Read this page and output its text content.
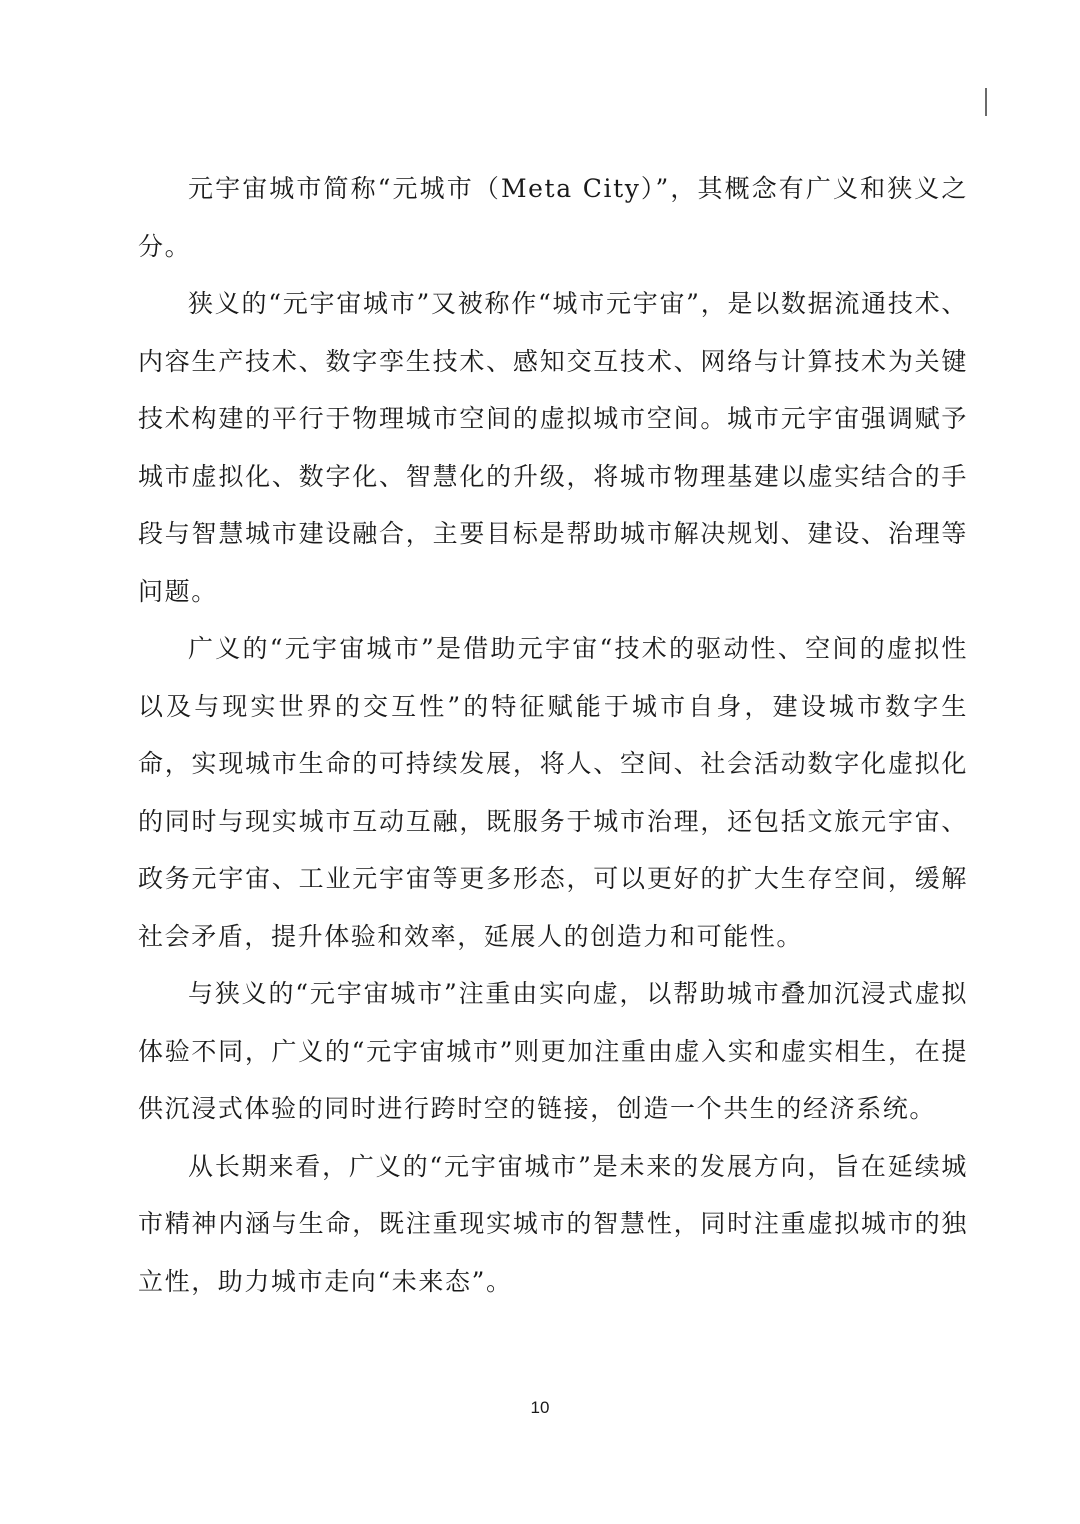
元宇宙城市简称“元城市（Meta City）”，其概念有广义和狭义之分。

狭义的“元宇宙城市”又被称作“城市元宇宙”，是以数据流通技术、内容生产技术、数字孪生技术、感知交互技术、网络与计算技术为关键技术构建的平行于物理城市空间的虚拟城市空间。城市元宇宙强调赋予城市虚拟化、数字化、智慧化的升级，将城市物理基建以虚实结合的手段与智慧城市建设融合，主要目标是帮助城市解决规划、建设、治理等问题。

广义的“元宇宙城市”是借助元宇宙“技术的驱动性、空间的虚拟性以及与现实世界的交互性”的特征赋能于城市自身，建设城市数字生命，实现城市生命的可持续发展，将人、空间、社会活动数字化虚拟化的同时与现实城市互动互融，既服务于城市治理，还包括文旅元宇宙、政务元宇宙、工业元宇宙等更多形态，可以更好的扩大生存空间，缓解社会矛盾，提升体验和效率，延展人的创造力和可能性。

与狭义的“元宇宙城市”注重由实向虚，以帮助城市叠加沉浸式虚拟体验不同，广义的“元宇宙城市”则更加注重由虚入实和虚实相生，在提供沉浸式体验的同时进行跨时空的链接，创造一个共生的经济系统。

从长期来看，广义的“元宇宙城市”是未来的发展方向，旨在延续城市精神内涵与生命，既注重现实城市的智慧性，同时注重虚拟城市的独立性，助力城市走向“未来态”。

10
